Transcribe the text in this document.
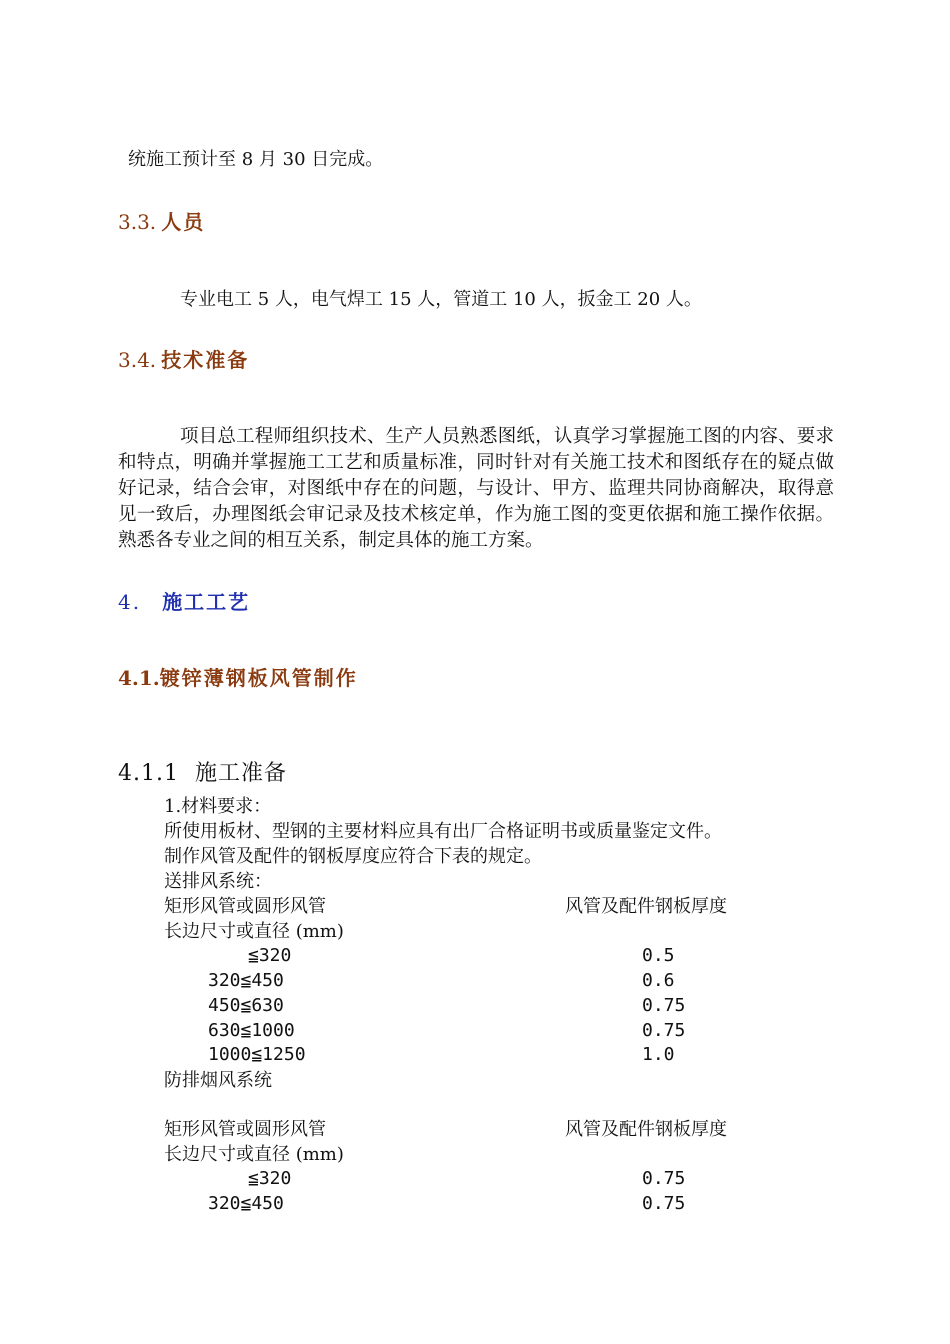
统施工预计至 8 月 30 日完成。
3.3. 人员
专业电工 5 人，电气焊工 15 人，管道工 10 人，扳金工 20 人。
3.4. 技术准备

项目总工程师组织技术、生产人员熟悉图纸，认真学习掌握施工图的内容、要求和特点，明确并掌握施工工艺和质量标准，同时针对有关施工技术和图纸存在的疑点做好记录，结合会审，对图纸中存在的问题，与设计、甲方、监理共同协商解决，取得意见一致后，办理图纸会审记录及技术核定单，作为施工图的变更依据和施工操作依据。熟悉各专业之间的相互关系，制定具体的施工方案。

4. 施工工艺
4.1.镀锌薄钢板风管制作
4.1.1 施工准备
1.材料要求：
所使用板材、型钢的主要材料应具有出厂合格证明书或质量鉴定文件。
制作风管及配件的钢板厚度应符合下表的规定。
送排风系统：
矩形风管或圆形风管	风管及配件钢板厚度
长边尺寸或直径 (mm)
≦320	0.5
320≦450	0.6
450≦630	0.75
630≦1000	0.75
1000≦1250	1.0
防排烟风系统
矩形风管或圆形风管	风管及配件钢板厚度
长边尺寸或直径 (mm)
≦320	0.75
320≦450	0.75
